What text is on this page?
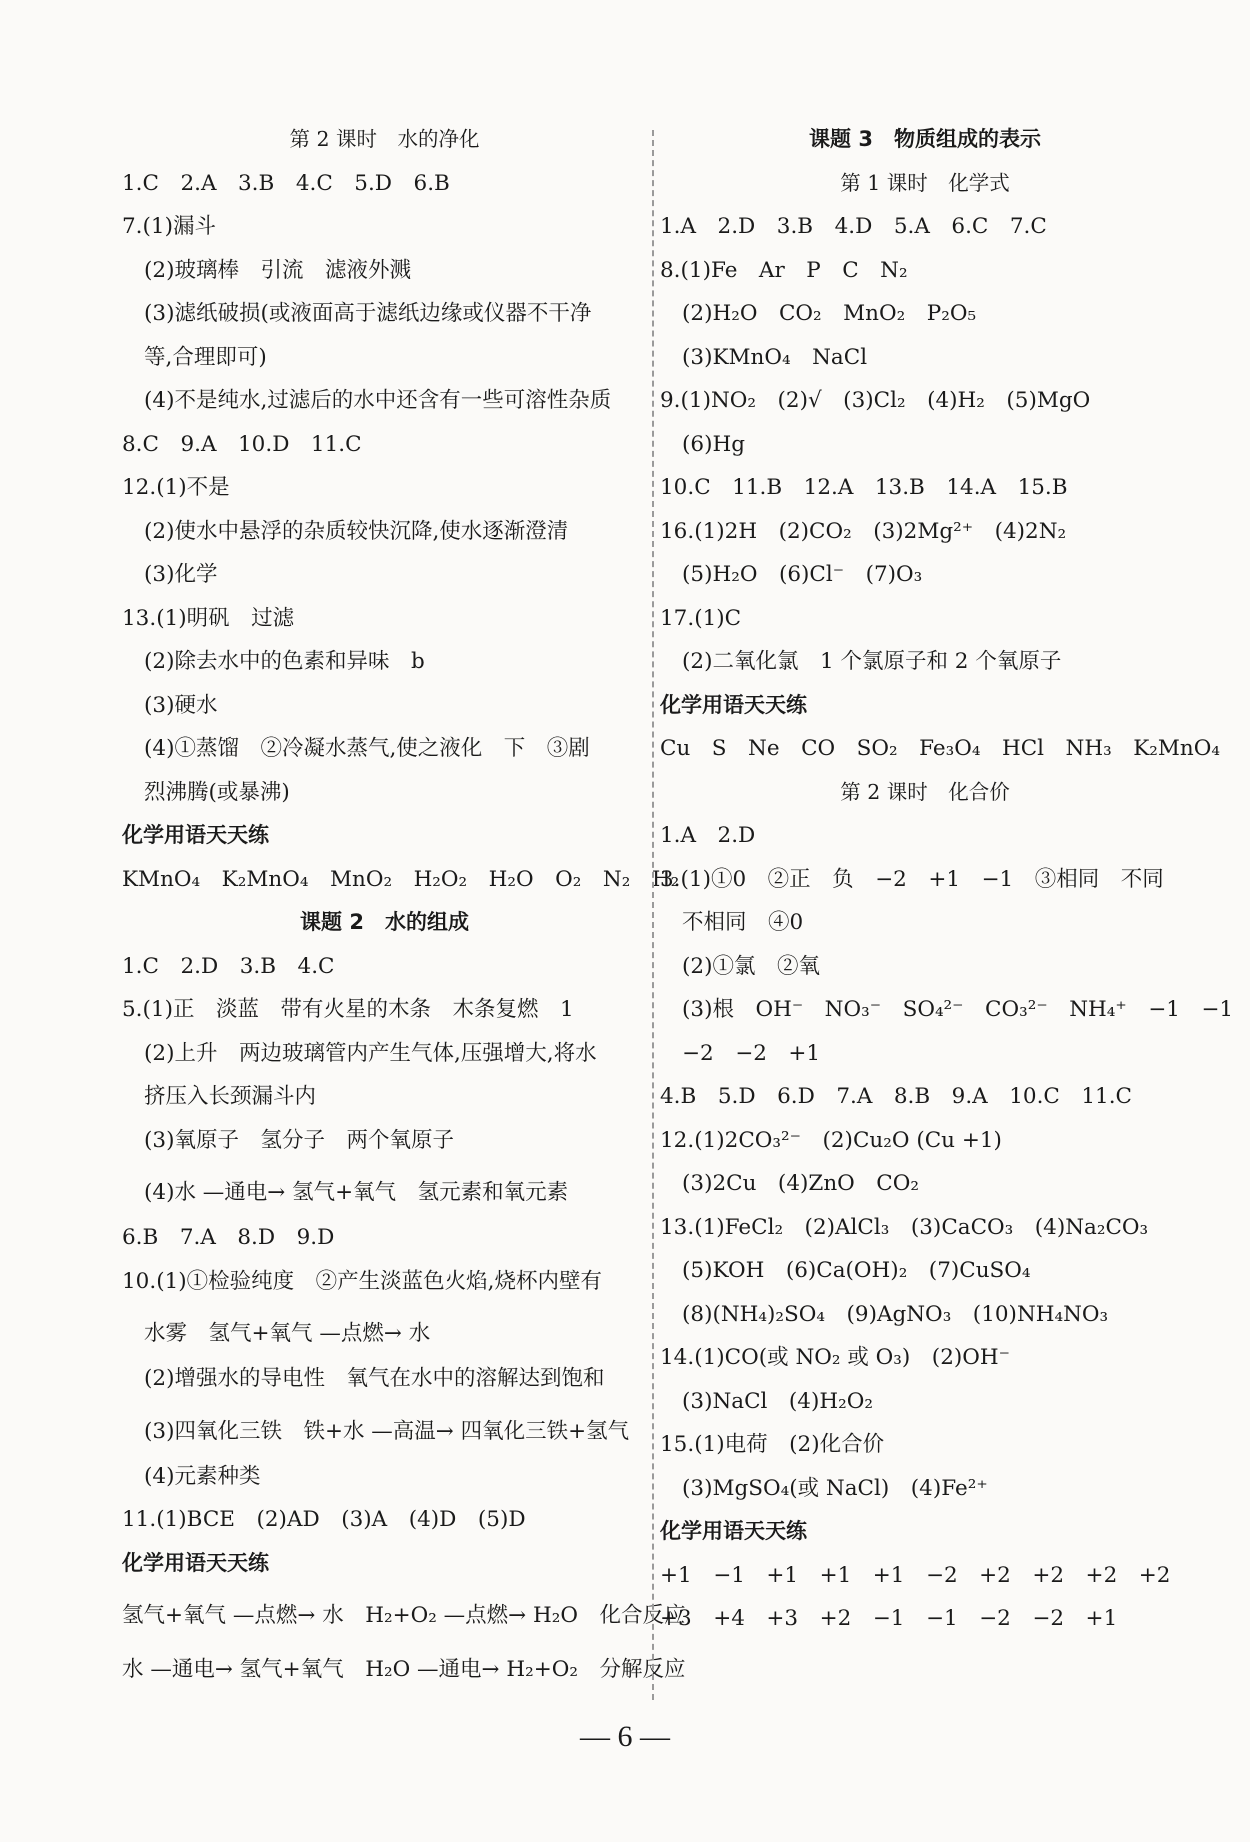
第 2 课时　水的净化
1.C　2.A　3.B　4.C　5.D　6.B
7.(1)漏斗
(2)玻璃棒　引流　滤液外溅
(3)滤纸破损(或液面高于滤纸边缘或仪器不干净
等,合理即可)
(4)不是纯水,过滤后的水中还含有一些可溶性杂质
8.C　9.A　10.D　11.C
12.(1)不是
(2)使水中悬浮的杂质较快沉降,使水逐渐澄清
(3)化学
13.(1)明矾　过滤
(2)除去水中的色素和异味　b
(3)硬水
(4)①蒸馏　②冷凝水蒸气,使之液化　下　③剧
烈沸腾(或暴沸)
化学用语天天练
KMnO₄　K₂MnO₄　MnO₂　H₂O₂　H₂O　O₂　N₂　H₂
课题 2　水的组成
1.C　2.D　3.B　4.C
5.(1)正　淡蓝　带有火星的木条　木条复燃　1
(2)上升　两边玻璃管内产生气体,压强增大,将水
挤压入长颈漏斗内
(3)氧原子　氢分子　两个氧原子
(4)水 —通电→ 氢气+氧气　氢元素和氧元素
6.B　7.A　8.D　9.D
10.(1)①检验纯度　②产生淡蓝色火焰,烧杯内壁有
水雾　氢气+氧气 —点燃→ 水
(2)增强水的导电性　氧气在水中的溶解达到饱和
(3)四氧化三铁　铁+水 —高温→ 四氧化三铁+氢气
(4)元素种类
11.(1)BCE　(2)AD　(3)A　(4)D　(5)D
化学用语天天练
氢气+氧气 —点燃→ 水　H₂+O₂ —点燃→ H₂O　化合反应
水 —通电→ 氢气+氧气　H₂O —通电→ H₂+O₂　分解反应
课题 3　物质组成的表示
第 1 课时　化学式
1.A　2.D　3.B　4.D　5.A　6.C　7.C
8.(1)Fe　Ar　P　C　N₂
(2)H₂O　CO₂　MnO₂　P₂O₅
(3)KMnO₄　NaCl
9.(1)NO₂　(2)√　(3)Cl₂　(4)H₂　(5)MgO
(6)Hg
10.C　11.B　12.A　13.B　14.A　15.B
16.(1)2H　(2)CO₂　(3)2Mg²⁺　(4)2N₂
(5)H₂O　(6)Cl⁻　(7)O₃
17.(1)C
(2)二氧化氯　1 个氯原子和 2 个氧原子
化学用语天天练
Cu　S　Ne　CO　SO₂　Fe₃O₄　HCl　NH₃　K₂MnO₄
第 2 课时　化合价
1.A　2.D
3.(1)①0　②正　负　−2　+1　−1　③相同　不同
不相同　④0
(2)①氯　②氧
(3)根　OH⁻　NO₃⁻　SO₄²⁻　CO₃²⁻　NH₄⁺　−1　−1
−2　−2　+1
4.B　5.D　6.D　7.A　8.B　9.A　10.C　11.C
12.(1)2CO₃²⁻　(2)Cu₂O (Cu +1)
(3)2Cu　(4)ZnO　CO₂
13.(1)FeCl₂　(2)AlCl₃　(3)CaCO₃　(4)Na₂CO₃
(5)KOH　(6)Ca(OH)₂　(7)CuSO₄
(8)(NH₄)₂SO₄　(9)AgNO₃　(10)NH₄NO₃
14.(1)CO(或 NO₂ 或 O₃)　(2)OH⁻
(3)NaCl　(4)H₂O₂
15.(1)电荷　(2)化合价
(3)MgSO₄(或 NaCl)　(4)Fe²⁺
化学用语天天练
+1　−1　+1　+1　+1　−2　+2　+2　+2　+2
+3　+4　+3　+2　−1　−1　−2　−2　+1
— 6 —
